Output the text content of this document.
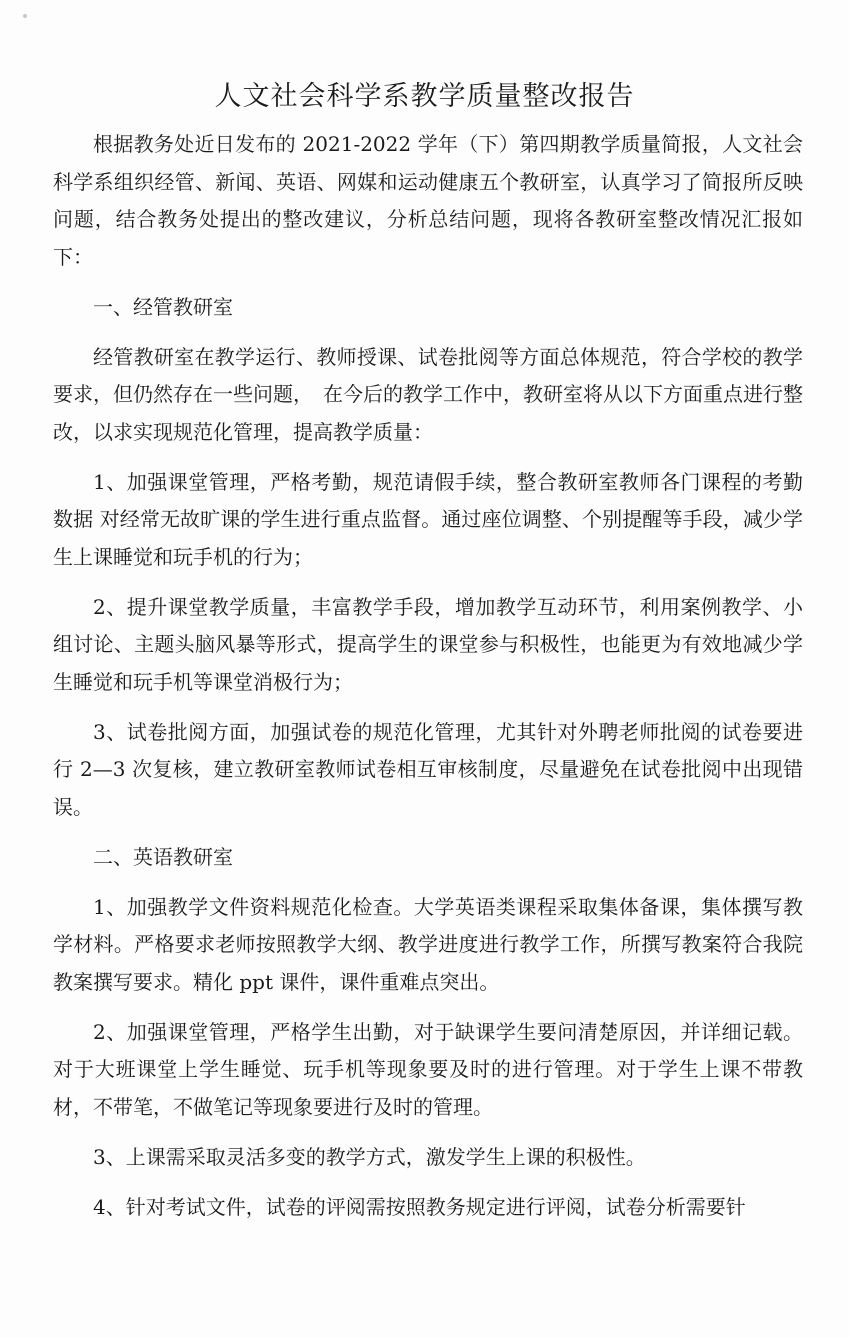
人文社会科学系教学质量整改报告

根据教务处近日发布的 2021-2022 学年（下）第四期教学质量简报，人文社会科学系组织经管、新闻、英语、网媒和运动健康五个教研室，认真学习了简报所反映问题，结合教务处提出的整改建议，分析总结问题，现将各教研室整改情况汇报如下：

一、经管教研室

经管教研室在教学运行、教师授课、试卷批阅等方面总体规范，符合学校的教学要求，但仍然存在一些问题，　在今后的教学工作中，教研室将从以下方面重点进行整改，以求实现规范化管理，提高教学质量：

1、加强课堂管理，严格考勤，规范请假手续，整合教研室教师各门课程的考勤数据 对经常无故旷课的学生进行重点监督。通过座位调整、个别提醒等手段，减少学生上课睡觉和玩手机的行为；

2、提升课堂教学质量，丰富教学手段，增加教学互动环节，利用案例教学、小组讨论、主题头脑风暴等形式，提高学生的课堂参与积极性，也能更为有效地减少学生睡觉和玩手机等课堂消极行为；

3、试卷批阅方面，加强试卷的规范化管理，尤其针对外聘老师批阅的试卷要进行 2—3 次复核，建立教研室教师试卷相互审核制度，尽量避免在试卷批阅中出现错误。

二、英语教研室

1、加强教学文件资料规范化检查。大学英语类课程采取集体备课，集体撰写教学材料。严格要求老师按照教学大纲、教学进度进行教学工作，所撰写教案符合我院教案撰写要求。精化 ppt 课件，课件重难点突出。

2、加强课堂管理，严格学生出勤，对于缺课学生要问清楚原因，并详细记载。对于大班课堂上学生睡觉、玩手机等现象要及时的进行管理。对于学生上课不带教材，不带笔，不做笔记等现象要进行及时的管理。

3、上课需采取灵活多变的教学方式，激发学生上课的积极性。

4、针对考试文件，试卷的评阅需按照教务规定进行评阅，试卷分析需要针
